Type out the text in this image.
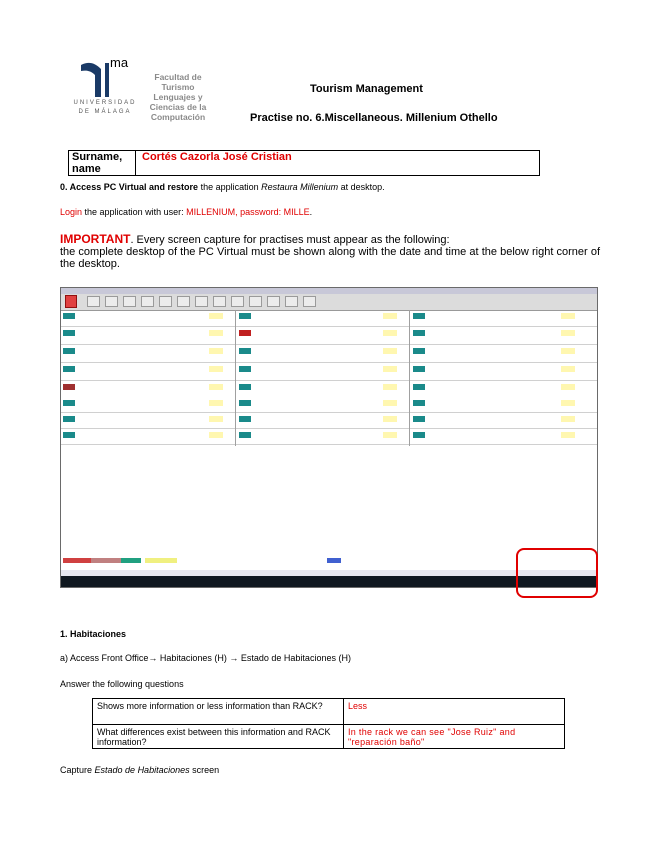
ma
UNIVERSIDAD
DE MÁLAGA
Facultad de
Turismo
Lenguajes y
Ciencias de la
Computación
Tourism Management
Practise no. 6.Miscellaneous. Millenium Othello
Surname,
name
Cortés Cazorla José Cristian
0. Access PC Virtual and restore the application Restaura Millenium at desktop.
Login the application with user: MILLENIUM, password: MILLE.
IMPORTANT. Every screen capture for practises must appear as the following:
the complete desktop of the PC Virtual must be shown along with the date and time at the below right corner of the desktop.
1. Habitaciones
a) Access Front Office→ Habitaciones (H) → Estado de Habitaciones (H)
Answer the following questions
Shows more information or less information than RACK?	Less
What differences exist between this information and RACK information?
In the rack we can see "Jose Ruiz" and "reparación baño"
Capture Estado de Habitaciones screen
